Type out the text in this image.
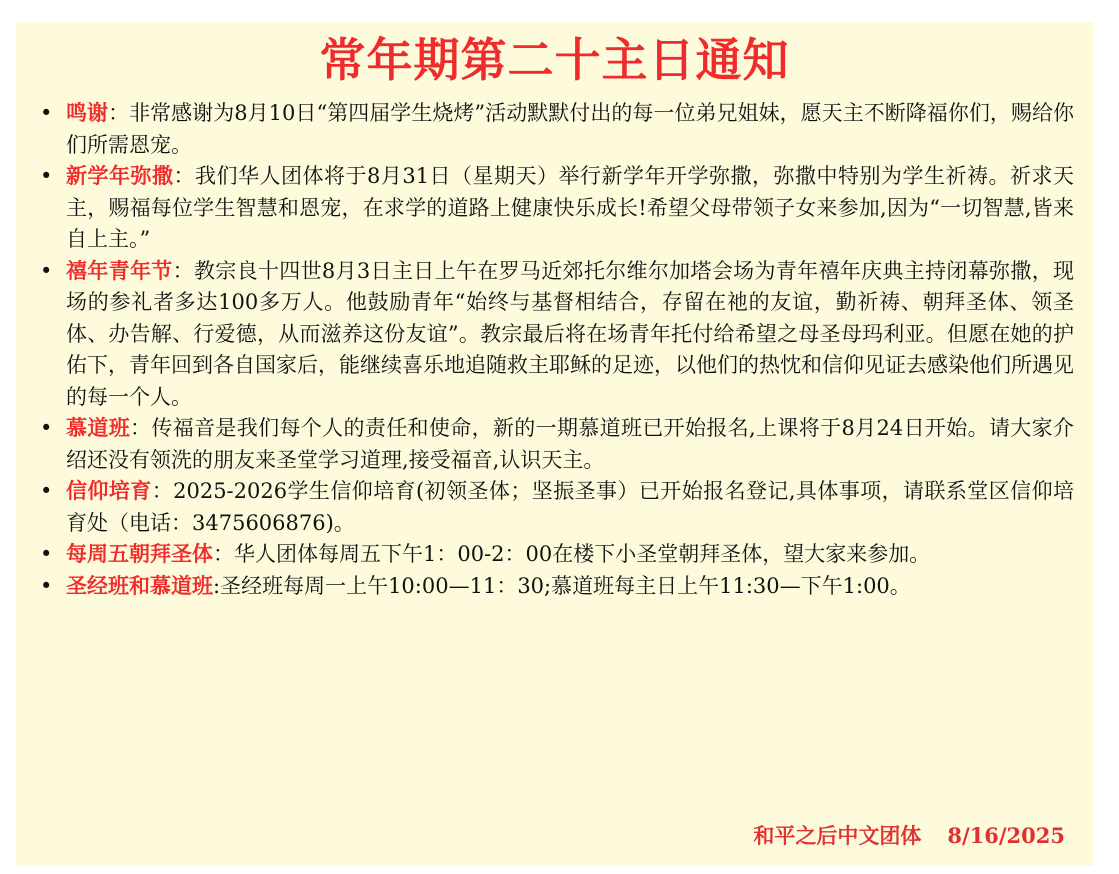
常年期第二十主日通知
• 鸣谢：非常感谢为8月10日“第四届学生烧烤”活动默默付出的每一位弟兄姐妹，愿天主不断降福你们，赐给你们所需恩宠。
• 新学年弥撒：我们华人团体将于8月31日（星期天）举行新学年开学弥撒，弥撒中特别为学生祈祷。祈求天主，赐福每位学生智慧和恩宠，在求学的道路上健康快乐成长!希望父母带领子女来参加,因为“一切智慧,皆来自上主。”
• 禧年青年节：教宗良十四世8月3日主日上午在罗马近郊托尔维尔加塔会场为青年禧年庆典主持闭幕弥撒，现场的参礼者多达100多万人。他鼓励青年“始终与基督相结合，存留在祂的友谊，勤祈祷、朝拜圣体、领圣体、办告解、行爱德，从而滋养这份友谊”。教宗最后将在场青年托付给希望之母圣母玛利亚。但愿在她的护佑下，青年回到各自国家后，能继续喜乐地追随救主耶稣的足迹，以他们的热忱和信仰见证去感染他们所遇见的每一个人。
• 慕道班：传福音是我们每个人的责任和使命，新的一期慕道班已开始报名,上课将于8月24日开始。请大家介绍还没有领洗的朋友来圣堂学习道理,接受福音,认识天主。
• 信仰培育：2025-2026学生信仰培育(初领圣体；坚振圣事）已开始报名登记,具体事项，请联系堂区信仰培育处（电话：3475606876)。
• 每周五朝拜圣体：华人团体每周五下午1：00-2：00在楼下小圣堂朝拜圣体，望大家来参加。
• 圣经班和慕道班:圣经班每周一上午10:00—11：30;慕道班每主日上午11:30—下午1:00。
和平之后中文团体 8/16/2025
